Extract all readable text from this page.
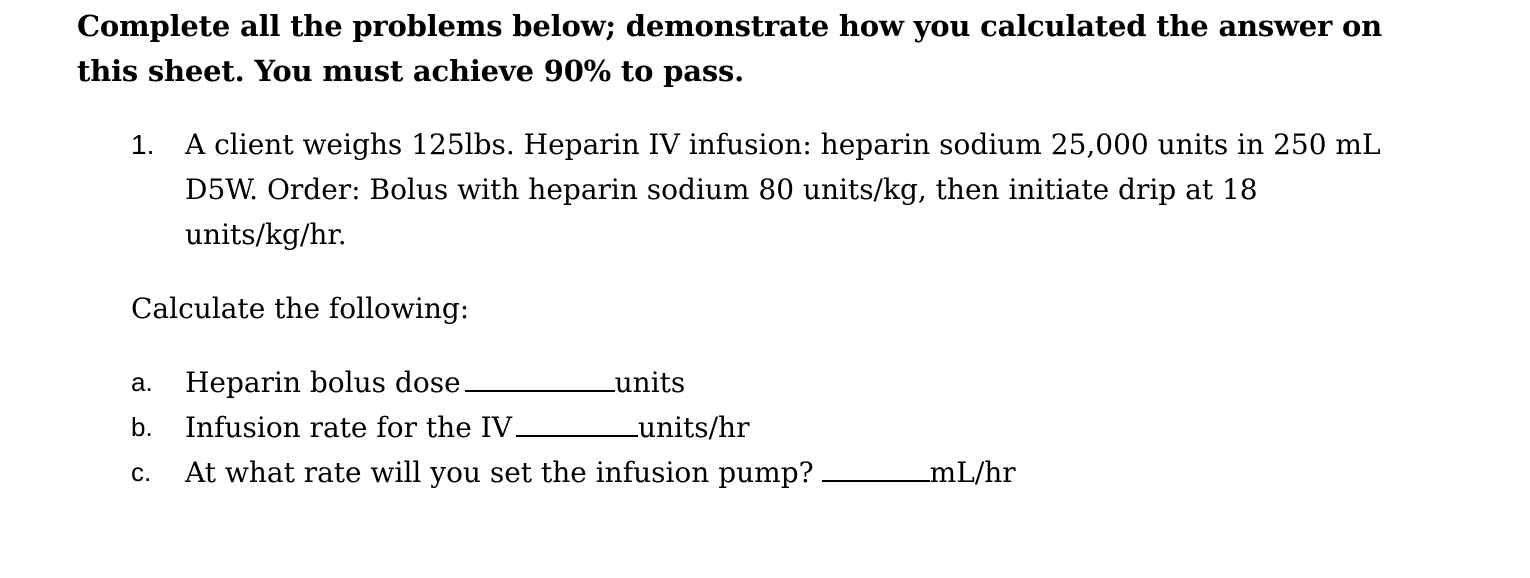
Complete all the problems below; demonstrate how you calculated the answer on this sheet. You must achieve 90% to pass.
1. A client weighs 125lbs. Heparin IV infusion: heparin sodium 25,000 units in 250 mL D5W. Order: Bolus with heparin sodium 80 units/kg, then initiate drip at 18 units/kg/hr.
Calculate the following:
a. Heparin bolus dose	units
b. Infusion rate for the IV	units/hr
c. At what rate will you set the infusion pump?	mL/hr
